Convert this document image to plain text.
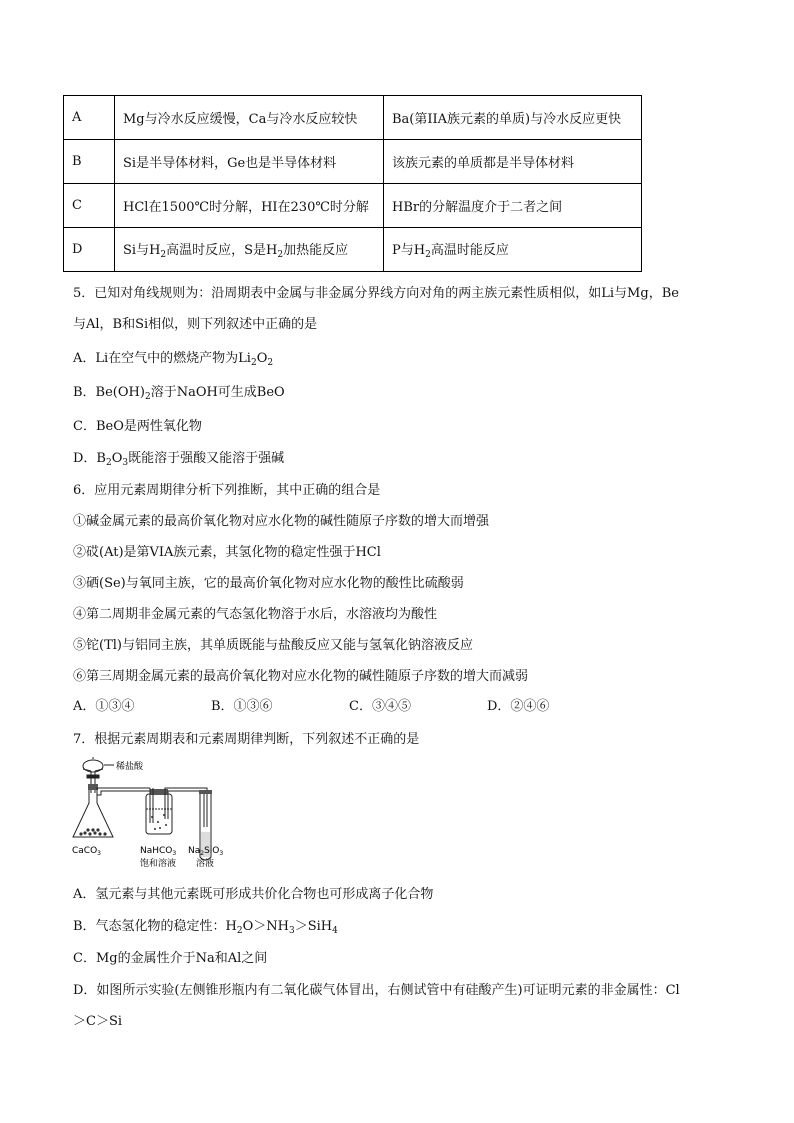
A	Mg与冷水反应缓慢，Ca与冷水反应较快	Ba(第IIA族元素的单质)与冷水反应更快
B	Si是半导体材料，Ge也是半导体材料	该族元素的单质都是半导体材料
C	HCl在1500℃时分解，HI在230℃时分解	HBr的分解温度介于二者之间
D	Si与$H_2$高温时反应，S是$H_2$加热能反应	P与$H_2$高温时能反应
5．已知对角线规则为：沿周期表中金属与非金属分界线方向对角的两主族元素性质相似，如Li与Mg，Be
与Al，B和Si相似，则下列叙述中正确的是
A．Li在空气中的燃烧产物为$Li_2O_2$
B．$Be(OH)_2$溶于NaOH可生成BeO
C．BeO是两性氧化物
D．$B_2O_3$既能溶于强酸又能溶于强碱
6．应用元素周期律分析下列推断，其中正确的组合是
①碱金属元素的最高价氧化物对应水化物的碱性随原子序数的增大而增强
②砹(At)是第VIA族元素，其氢化物的稳定性强于HCl
③硒(Se)与氧同主族，它的最高价氧化物对应水化物的酸性比硫酸弱
④第二周期非金属元素的气态氢化物溶于水后，水溶液均为酸性
⑤铊(Tl)与铝同主族，其单质既能与盐酸反应又能与氢氧化钠溶液反应
⑥第三周期金属元素的最高价氧化物对应水化物的碱性随原子序数的增大而减弱
A．①③④	B．①③⑥	C．③④⑤	D．②④⑥
7．根据元素周期表和元素周期律判断，下列叙述不正确的是
稀盐酸
CaCO$_3$	NaHCO$_3$
饱和溶液
$Na_2SiO_3$
溶液
A．氢元素与其他元素既可形成共价化合物也可形成离子化合物
B．气态氢化物的稳定性：$H_2O>NH_3>SiH_4$
C．Mg的金属性介于Na和Al之间
D．如图所示实验(左侧锥形瓶内有二氧化碳气体冒出，右侧试管中有硅酸产生)可证明元素的非金属性：Cl
＞C＞Si
